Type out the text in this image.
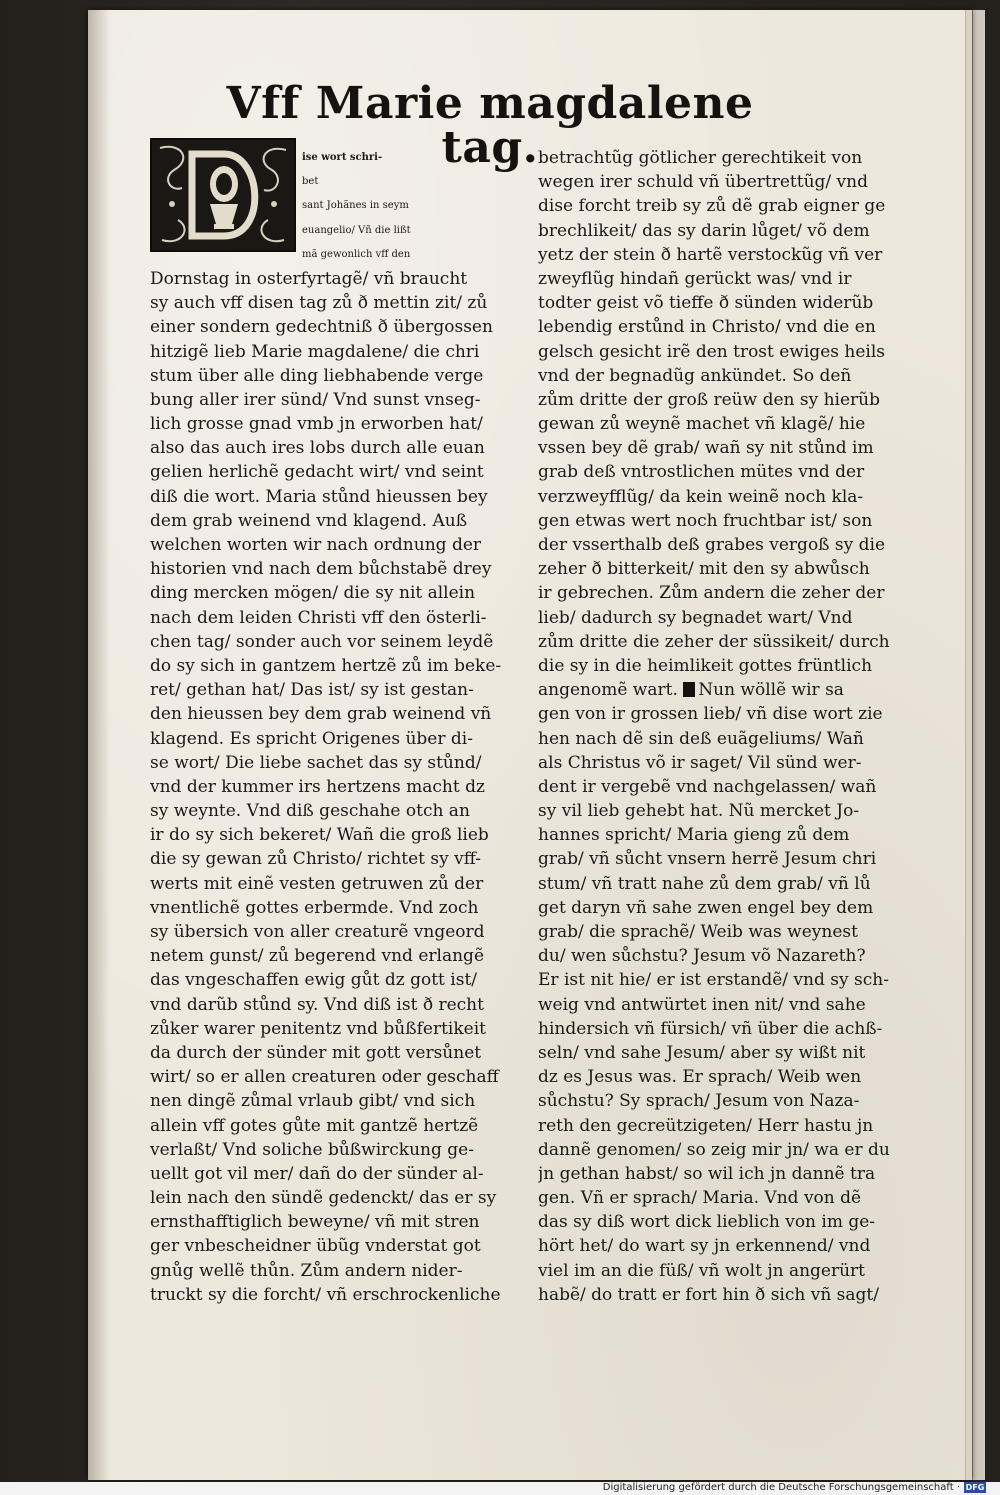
Vff Marie magdalene tag.
ise wort schri-
bet
sant Johãnes in seym
euangelio/ Vñ die lißt
mã gewonlich vff den
Dornstag in osterfyrtagẽ/ vñ braucht
sy auch vff disen tag zů ð mettin zit/ zů
einer sondern gedechtniß ð übergossen
hitzigẽ lieb Marie magdalene/ die chri
stum über alle ding liebhabende verge
bung aller irer sünd/ Vnd sunst vnseg-
lich grosse gnad vmb jn erworben hat/
also das auch ires lobs durch alle euan
gelien herlichẽ gedacht wirt/ vnd seint
diß die wort. Maria stůnd hieussen bey
dem grab weinend vnd klagend. Auß
welchen worten wir nach ordnung der
historien vnd nach dem bůchstabẽ drey
ding mercken mögen/ die sy nit allein
nach dem leiden Christi vff den österli-
chen tag/ sonder auch vor seinem leydẽ
do sy sich in gantzem hertzẽ zů im beke-
ret/ gethan hat/ Das ist/ sy ist gestan-
den hieussen bey dem grab weinend vñ
klagend. Es spricht Origenes über di-
se wort/ Die liebe sachet das sy stůnd/
vnd der kummer irs hertzens macht dz
sy weynte. Vnd diß geschahe otch an
ir do sy sich bekeret/ Wañ die groß lieb
die sy gewan zů Christo/ richtet sy vff-
werts mit einẽ vesten getruwen zů der
vnentlichẽ gottes erbermde. Vnd zoch
sy übersich von aller creaturẽ vngeord
netem gunst/ zů begerend vnd erlangẽ
das vngeschaffen ewig gůt dz gott ist/
vnd darũb stůnd sy. Vnd diß ist ð recht
zůker warer penitentz vnd bůßfertikeit
da durch der sünder mit gott versůnet
wirt/ so er allen creaturen oder geschaff
nen dingẽ zůmal vrlaub gibt/ vnd sich
allein vff gotes gůte mit gantzẽ hertzẽ
verlaßt/ Vnd soliche bůßwirckung ge-
uellt got vil mer/ dañ do der sünder al-
lein nach den sündẽ gedenckt/ das er sy
ernsthafftiglich beweyne/ vñ mit stren
ger vnbescheidner übũg vnderstat got
gnůg wellẽ thůn. Zům andern nider-
truckt sy die forcht/ vñ erschrockenliche
betrachtũg götlicher gerechtikeit von
wegen irer schuld vñ übertrettũg/ vnd
dise forcht treib sy zů dẽ grab eigner ge
brechlikeit/ das sy darin lůget/ võ dem
yetz der stein ð hartẽ verstockũg vñ ver
zweyflũg hindañ gerückt was/ vnd ir
todter geist võ tieffe ð sünden widerũb
lebendig erstůnd in Christo/ vnd die en
gelsch gesicht irẽ den trost ewiges heils
vnd der begnadũg ankündet. So deñ
zům dritte der groß reüw den sy hierũb
gewan zů weynẽ machet vñ klagẽ/ hie
vssen bey dẽ grab/ wañ sy nit stůnd im
grab deß vntrostlichen mütes vnd der
verzweyfflũg/ da kein weinẽ noch kla-
gen etwas wert noch fruchtbar ist/ son
der vsserthalb deß grabes vergoß sy die
zeher ð bitterkeit/ mit den sy abwůsch
ir gebrechen. Zům andern die zeher der
lieb/ dadurch sy begnadet wart/ Vnd
zům dritte die zeher der süssikeit/ durch
die sy in die heimlikeit gottes früntlich
angenomẽ wart. Nun wöllẽ wir sa
gen von ir grossen lieb/ vñ dise wort zie
hen nach dẽ sin deß euãgeliums/ Wañ
als Christus võ ir saget/ Vil sünd wer-
dent ir vergebẽ vnd nachgelassen/ wañ
sy vil lieb gehebt hat. Nũ mercket Jo-
hannes spricht/ Maria gieng zů dem
grab/ vñ sůcht vnsern herrẽ Jesum chri
stum/ vñ tratt nahe zů dem grab/ vñ lů
get daryn vñ sahe zwen engel bey dem
grab/ die sprachẽ/ Weib was weynest
du/ wen sůchstu? Jesum võ Nazareth?
Er ist nit hie/ er ist erstandẽ/ vnd sy sch-
weig vnd antwürtet inen nit/ vnd sahe
hindersich vñ fürsich/ vñ über die achß-
seln/ vnd sahe Jesum/ aber sy wißt nit
dz es Jesus was. Er sprach/ Weib wen
sůchstu? Sy sprach/ Jesum von Naza-
reth den gecreützigeten/ Herr hastu jn
dannẽ genomen/ so zeig mir jn/ wa er du
jn gethan habst/ so wil ich jn dannẽ tra
gen. Vñ er sprach/ Maria. Vnd von dẽ
das sy diß wort dick lieblich von im ge-
hört het/ do wart sy jn erkennend/ vnd
viel im an die füß/ vñ wolt jn angerürt
habẽ/ do tratt er fort hin ð sich vñ sagt/
Digitalisierung gefördert durch die Deutsche Forschungsgemeinschaft · DFG
